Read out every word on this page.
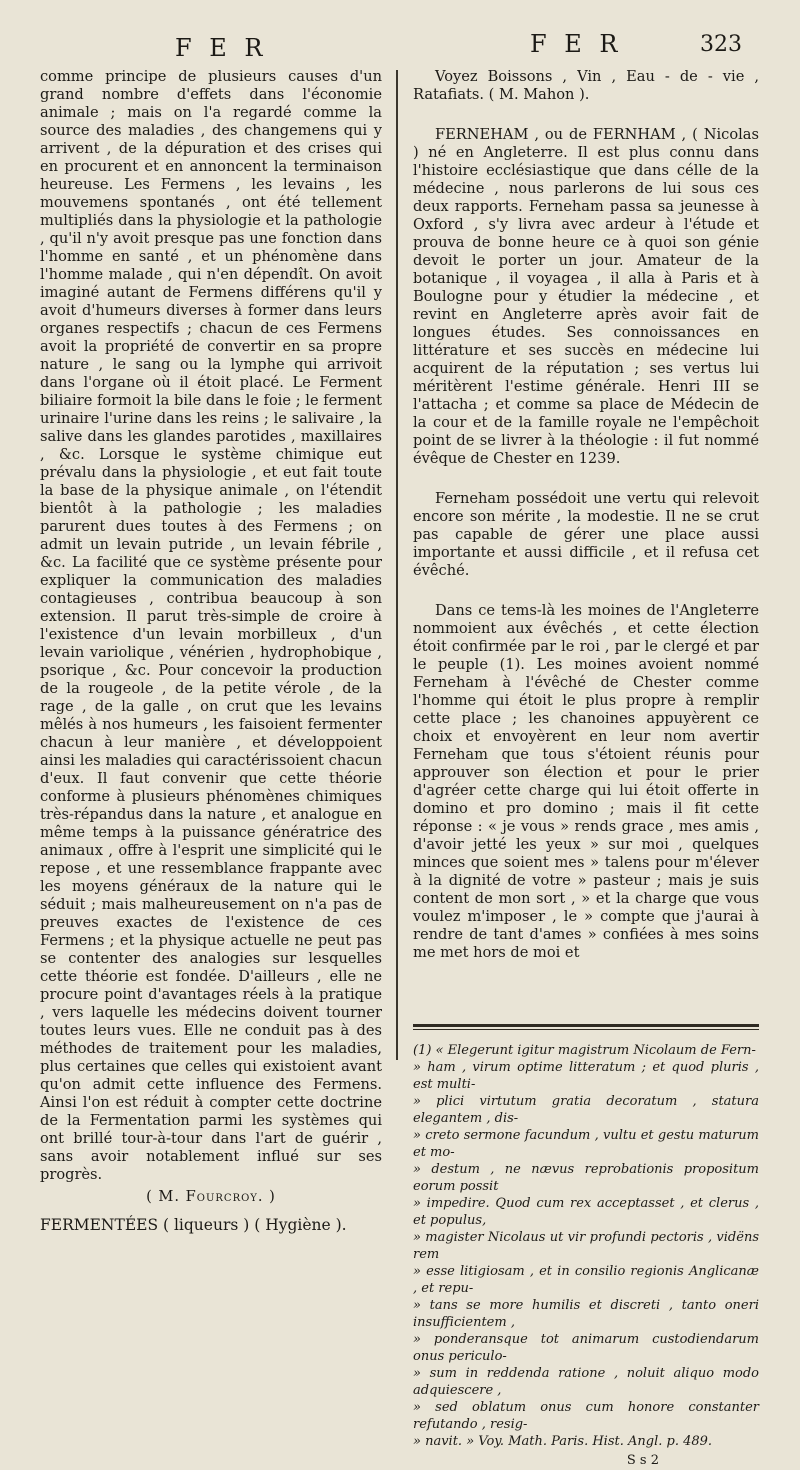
F E R	F E R	323

comme principe de plusieurs causes d'un grand nombre d'effets dans l'économie animale ; mais on l'a regardé comme la source des maladies , des changemens qui y arrivent , de la dépuration et des crises qui en procurent et en annoncent la terminaison heureuse. Les Fermens , les levains , les mouvemens spontanés , ont été tellement multipliés dans la physiologie et la pathologie , qu'il n'y avoit presque pas une fonction dans l'homme en santé , et un phénomène dans l'homme malade , qui n'en dépendît. On avoit imaginé autant de Fermens différens qu'il y avoit d'humeurs diverses à former dans leurs organes respectifs ; chacun de ces Fermens avoit la propriété de convertir en sa propre nature , le sang ou la lymphe qui arrivoit dans l'organe où il étoit placé. Le Ferment biliaire formoit la bile dans le foie ; le ferment urinaire l'urine dans les reins ; le salivaire , la salive dans les glandes parotides , maxillaires , &c. Lorsque le système chimique eut prévalu dans la physiologie , et eut fait toute la base de la physique animale , on l'étendit bientôt à la pathologie ; les maladies parurent dues toutes à des Fermens ; on admit un levain putride , un levain fébrile , &c. La facilité que ce système présente pour expliquer la communication des maladies contagieuses , contribua beaucoup à son extension. Il parut très-simple de croire à l'existence d'un levain morbilleux , d'un levain variolique , vénérien , hydrophobique , psorique , &c. Pour concevoir la production de la rougeole , de la petite vérole , de la rage , de la galle , on crut que les levains mêlés à nos humeurs , les faisoient fermenter chacun à leur manière , et développoient ainsi les maladies qui caractérissoient chacun d'eux. Il faut convenir que cette théorie conforme à plusieurs phénomènes chimiques très-répandus dans la nature , et analogue en même temps à la puissance génératrice des animaux , offre à l'esprit une simplicité qui le repose , et une ressemblance frappante avec les moyens généraux de la nature qui le séduit ; mais malheureusement on n'a pas de preuves exactes de l'existence de ces Fermens ; et la physique actuelle ne peut pas se contenter des analogies sur lesquelles cette théorie est fondée. D'ailleurs , elle ne procure point d'avantages réels à la pratique , vers laquelle les médecins doivent tourner toutes leurs vues. Elle ne conduit pas à des méthodes de traitement pour les maladies, plus certaines que celles qui existoient avant qu'on admit cette influence des Fermens. Ainsi l'on est réduit à compter cette doctrine de la Fermentation parmi les systèmes qui ont brillé tour-à-tour dans l'art de guérir , sans avoir notablement influé sur ses progrès.

( M. Fourcroy. )

FERMENTÉES ( liqueurs ) ( Hygiène ).

Voyez Boissons , Vin , Eau - de - vie , Ratafiats. ( M. Mahon ).

FERNEHAM , ou de FERNHAM , ( Nicolas ) né en Angleterre. Il est plus connu dans l'histoire ecclésiastique que dans célle de la médecine , nous parlerons de lui sous ces deux rapports. Ferneham passa sa jeunesse à Oxford , s'y livra avec ardeur à l'étude et prouva de bonne heure ce à quoi son génie devoit le porter un jour. Amateur de la botanique , il voyagea , il alla à Paris et à Boulogne pour y étudier la médecine , et revint en Angleterre après avoir fait de longues études. Ses connoissances en littérature et ses succès en médecine lui acquirent de la réputation ; ses vertus lui méritèrent l'estime générale. Henri III se l'attacha ; et comme sa place de Médecin de la cour et de la famille royale ne l'empêchoit point de se livrer à la théologie : il fut nommé évêque de Chester en 1239.

Ferneham possédoit une vertu qui relevoit encore son mérite , la modestie. Il ne se crut pas capable de gérer une place aussi importante et aussi difficile , et il refusa cet évêché.

Dans ce tems-là les moines de l'Angleterre nommoient aux évêchés , et cette élection étoit confirmée par le roi , par le clergé et par le peuple (1). Les moines avoient nommé Ferneham à l'évêché de Chester comme l'homme qui étoit le plus propre à remplir cette place ; les chanoines appuyèrent ce choix et envoyèrent en leur nom avertir Ferneham que tous s'étoient réunis pour approuver son élection et pour le prier d'agréer cette charge qui lui étoit offerte in domino et pro domino ; mais il fit cette réponse : « je vous » rends grace , mes amis , d'avoir jetté les yeux » sur moi , quelques minces que soient mes » talens pour m'élever à la dignité de votre » pasteur ; mais je suis content de mon sort , » et la charge que vous voulez m'imposer , le » compte que j'aurai à rendre de tant d'ames » confiées à mes soins me met hors de moi et

(1) « Elegerunt igitur magistrum Nicolaum de Fern-

» ham , virum optime litteratum ; et quod pluris , est multi-

» plici virtutum gratia decoratum , statura elegantem , dis-

» creto sermone facundum , vultu et gestu maturum et mo-

» destum , ne nævus reprobationis propositum eorum possit

» impedire. Quod cum rex acceptasset , et clerus , et populus,

» magister Nicolaus ut vir profundi pectoris , vidëns rem

» esse litigiosam , et in consilio regionis Anglicanæ , et repu-

» tans se more humilis et discreti , tanto oneri insufficientem ,

» ponderansque tot animarum custodiendarum onus periculo-

» sum in reddenda ratione , noluit aliquo modo adquiescere ,

» sed oblatum onus cum honore constanter refutando , resig-

» navit. » Voy. Math. Paris. Hist. Angl. p. 489.

S s 2
